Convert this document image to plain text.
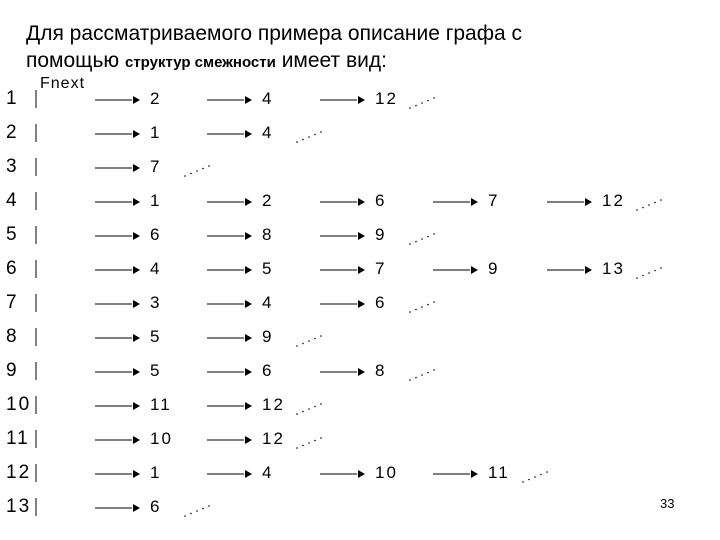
Для рассматриваемого примера описание графа с
помощью структур смежности имеет вид:
Fnext
1	2	4	12
2	1	4
3	7
4	1	2	6	7	12
5	6	8	9
6	4	5	7	9	13
7	3	4	6
8	5	9
9	5	6	8
10	11	12
11	10	12
12	1	4	10	11
13	6	33
